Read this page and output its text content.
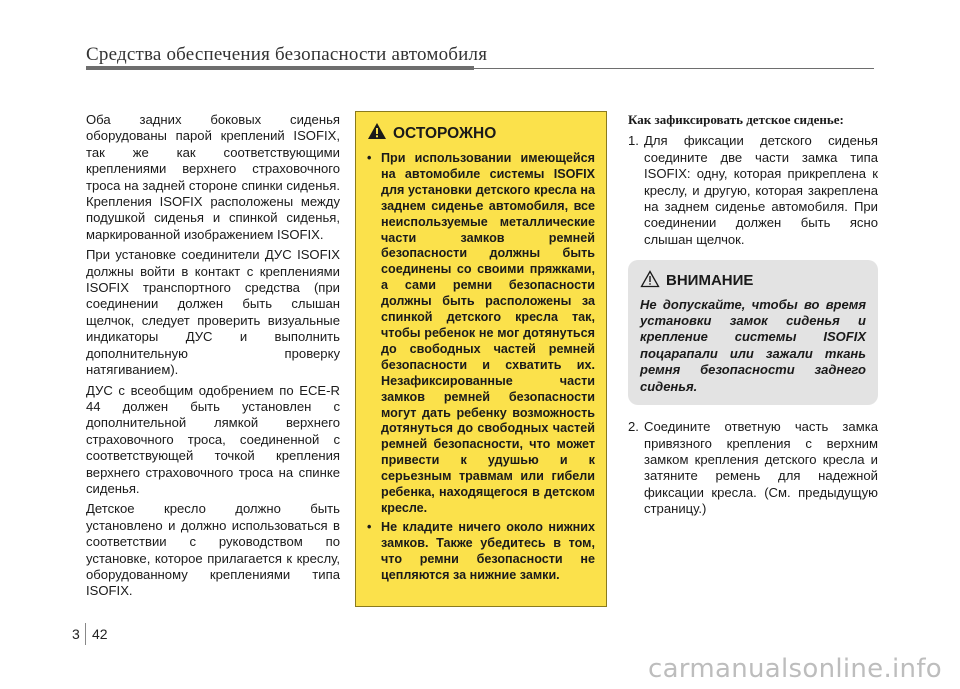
Средства обеспечения безопасности автомобиля

Оба задних боковых сиденья оборудованы парой креплений ISOFIX, так же как соответствующими креплениями верхнего страховочного троса на задней стороне спинки сиденья. Крепления ISOFIX расположены между подушкой сиденья и спинкой сиденья, маркированной изображением ISOFIX.

При установке соединители ДУС ISOFIX должны войти в контакт с креплениями ISOFIX транспортного средства (при соединении должен быть слышан щелчок, следует проверить визуальные индикаторы ДУС и выполнить дополнительную проверку натягиванием).

ДУС с всеобщим одобрением по ECE-R 44 должен быть установлен с дополнительной лямкой верхнего страховочного троса, соединенной с соответствующей точкой крепления верхнего страховочного троса на спинке сиденья.

Детское кресло должно быть установлено и должно использоваться в соответствии с руководством по установке, которое прилагается к креслу, оборудованному креплениями типа ISOFIX.

ОСТОРОЖНО
• При использовании имеющейся на автомобиле системы ISOFIX для установки детского кресла на заднем сиденье автомобиля, все неиспользуемые металлические части замков ремней безопасности должны быть соединены со своими пряжками, а сами ремни безопасности должны быть расположены за спинкой детского кресла так, чтобы ребенок не мог дотянуться до свободных частей ремней безопасности и схватить их. Незафиксированные части замков ремней безопасности могут дать ребенку возможность дотянуться до свободных частей ремней безопасности, что может привести к удушью и к серьезным травмам или гибели ребенка, находящегося в детском кресле.
• Не кладите ничего около нижних замков. Также убедитесь в том, что ремни безопасности не цепляются за нижние замки.
Как зафиксировать детское сиденье:
1. Для фиксации детского сиденья соедините две части замка типа ISOFIX: одну, которая прикреплена к креслу, и другую, которая закреплена на заднем сиденье автомобиля. При соединении должен быть ясно слышан щелчок.
ВНИМАНИЕ
Не допускайте, чтобы во время установки замок сиденья и крепление системы ISOFIX поцарапали или зажали ткань ремня безопасности заднего сиденья.
2. Соедините ответную часть замка привязного крепления с верхним замком крепления детского кресла и затяните ремень для надежной фиксации кресла. (См. предыдущую страницу.)
3 42
carmanualsonline.info
